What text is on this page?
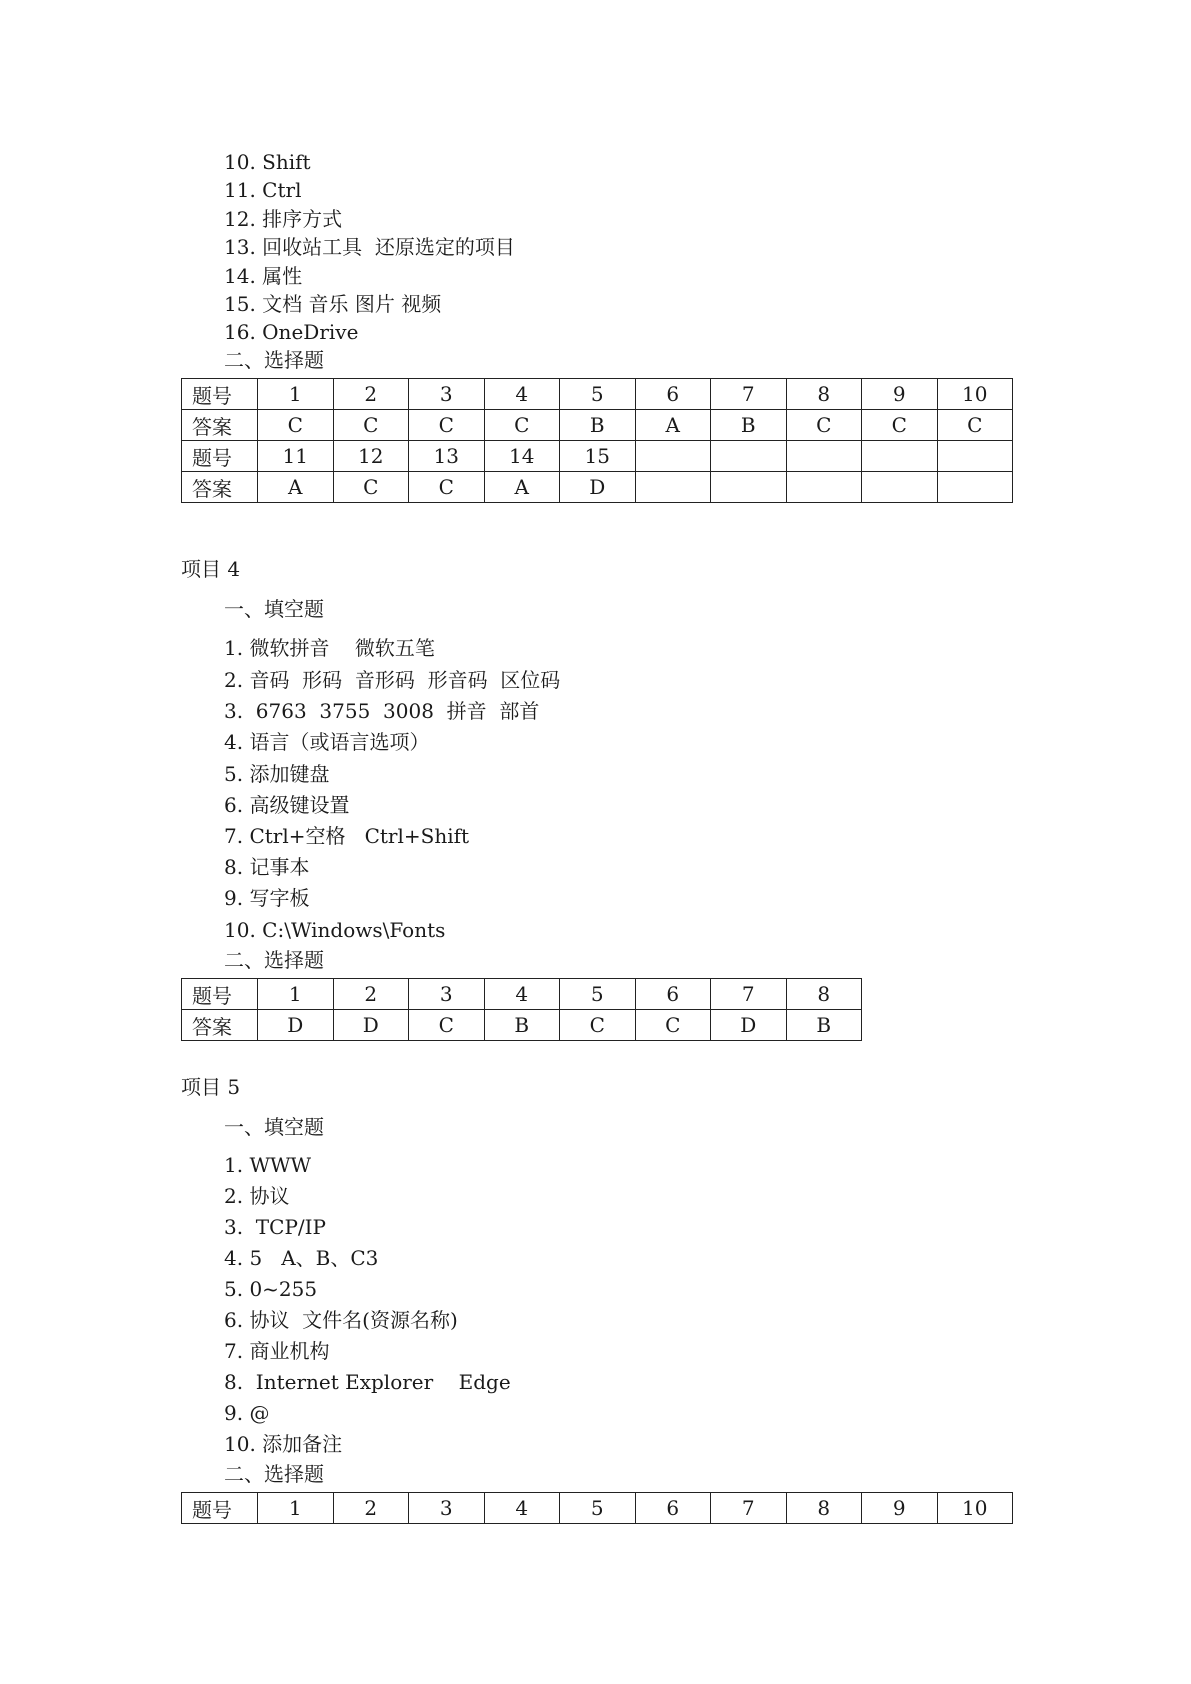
10. Shift
11. Ctrl
12. 排序方式
13. 回收站工具  还原选定的项目
14. 属性
15. 文档 音乐 图片 视频
16. OneDrive
二、选择题
题号	1	2	3	4	5	6	7	8	9	10
答案	C	C	C	C	B	A	B	C	C	C
题号	11	12	13	14	15					
答案	A	C	C	A	D					
项目 4
一、填空题
1. 微软拼音    微软五笔
2. 音码  形码  音形码  形音码  区位码
3.  6763  3755  3008  拼音  部首
4. 语言（或语言选项）
5. 添加键盘
6. 高级键设置
7. Ctrl+空格   Ctrl+Shift
8. 记事本
9. 写字板
10. C:\Windows\Fonts
二、选择题
题号	1	2	3	4	5	6	7	8
答案	D	D	C	B	C	C	D	B
项目 5
一、填空题
1. WWW
2. 协议
3.  TCP/IP
4. 5   A、B、C3
5. 0~255
6. 协议  文件名(资源名称)
7. 商业机构
8.  Internet Explorer    Edge
9. @
10. 添加备注
二、选择题
题号	1	2	3	4	5	6	7	8	9	10
